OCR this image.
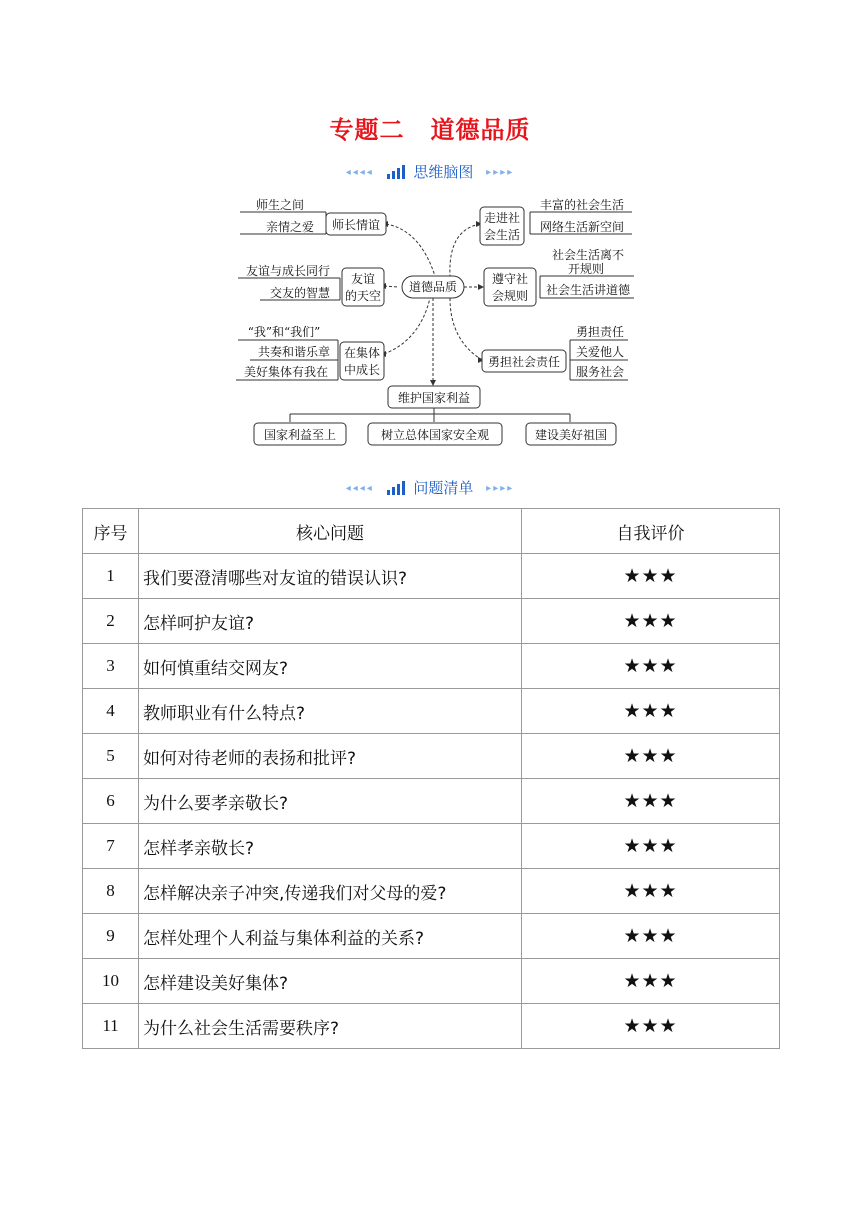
专题二 道德品质
◂◂◂◂	思维脑图 ▸▸▸▸
道德品质
师生之间
亲情之爱 师长情谊
友谊与成长同行
交友的智慧
友谊
的天空
“我”和“我们”
共奏和谐乐章
美好集体有我在
在集体
中成长
走进社
会生活
丰富的社会生活
网络生活新空间
遵守社
会规则
社会生活离不
开规则
社会生活讲道德
勇担社会责任
勇担责任
关爱他人
服务社会
维护国家利益
国家利益至上	树立总体国家安全观	建设美好祖国
◂◂◂◂	问题清单 ▸▸▸▸
序号	核心问题	自我评价
1	我们要澄清哪些对友谊的错误认识?	★★★
2	怎样呵护友谊?	★★★
3	如何慎重结交网友?	★★★
4	教师职业有什么特点?	★★★
5	如何对待老师的表扬和批评?	★★★
6	为什么要孝亲敬长?	★★★
7	怎样孝亲敬长?	★★★
8	怎样解决亲子冲突,传递我们对父母的爱?	★★★
9	怎样处理个人利益与集体利益的关系?	★★★
10	怎样建设美好集体?	★★★
11	为什么社会生活需要秩序?	★★★
